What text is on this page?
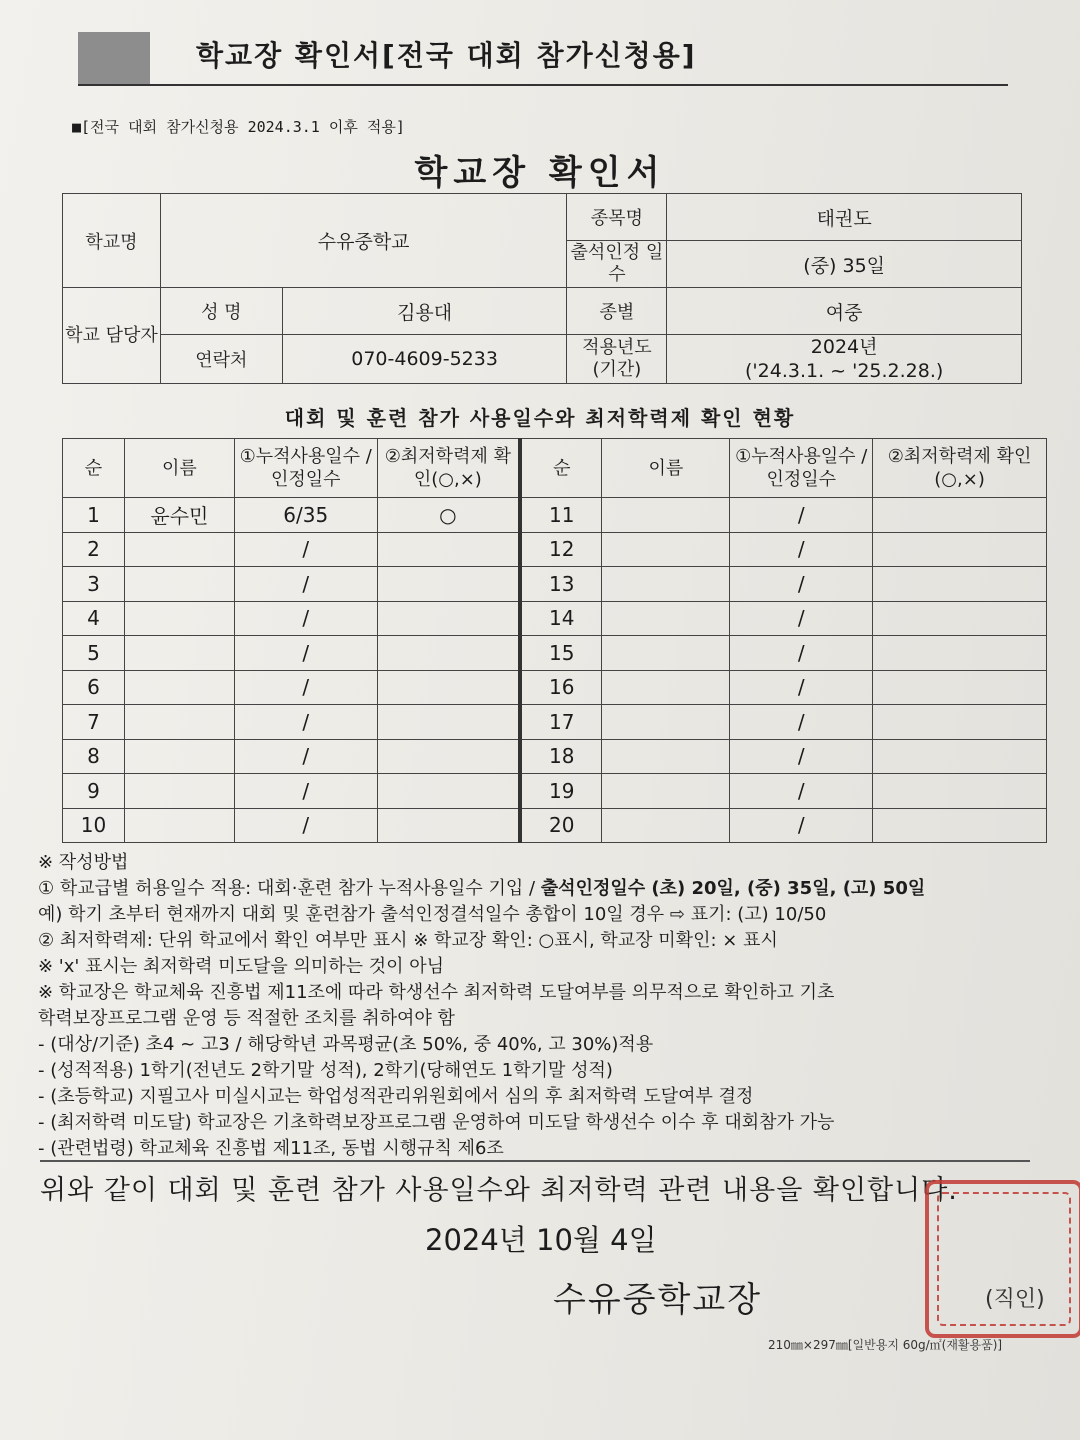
학교장 확인서[전국 대회 참가신청용]
■[전국 대회 참가신청용 2024.3.1 이후 적용]
학교장 확인서
학교명	수유중학교		종목명	태권도
			출석인정 일수	(중) 35일
학교 담당자	성 명	김용대	종별	여중
	연락처	070-4609-5233	적용년도 (기간)	2024년
('24.3.1. ~ '25.2.28.)
대회 및 훈련 참가 사용일수와 최저학력제 확인 현황
순	이름	①누적사용일수 /인정일수	②최저학력제 확인(○,×)	순	이름	①누적사용일수 /인정일수	②최저학력제 확인(○,×)
1	윤수민	6/35	○	11		/	
2		/		12		/	
3		/		13		/	
4		/		14		/	
5		/		15		/	
6		/		16		/	
7		/		17		/	
8		/		18		/	
9		/		19		/	
10		/		20		/	
※ 작성방법
① 학교급별 허용일수 적용: 대회·훈련 참가 누적사용일수 기입 / 출석인정일수 (초) 20일, (중) 35일, (고) 50일
예) 학기 초부터 현재까지 대회 및 훈련참가 출석인정결석일수 총합이 10일 경우 ⇨ 표기: (고) 10/50
② 최저학력제: 단위 학교에서 확인 여부만 표시 ※ 학교장 확인: ○표시, 학교장 미확인: × 표시
※ 'x' 표시는 최저학력 미도달을 의미하는 것이 아님
※ 학교장은 학교체육 진흥법 제11조에 따라 학생선수 최저학력 도달여부를 의무적으로 확인하고 기초
학력보장프로그램 운영 등 적절한 조치를 취하여야 함
- (대상/기준) 초4 ~ 고3 / 해당학년 과목평균(초 50%, 중 40%, 고 30%)적용
- (성적적용) 1학기(전년도 2학기말 성적), 2학기(당해연도 1학기말 성적)
- (초등학교) 지필고사 미실시교는 학업성적관리위원회에서 심의 후 최저학력 도달여부 결정
- (최저학력 미도달) 학교장은 기초학력보장프로그램 운영하여 미도달 학생선수 이수 후 대회참가 가능
- (관련법령) 학교체육 진흥법 제11조, 동법 시행규칙 제6조
위와 같이 대회 및 훈련 참가 사용일수와 최저학력 관련 내용을 확인합니다.
2024년 10월 4일
수유중학교장	(직인)
210㎜×297㎜[일반용지 60g/㎡(재활용품)]
